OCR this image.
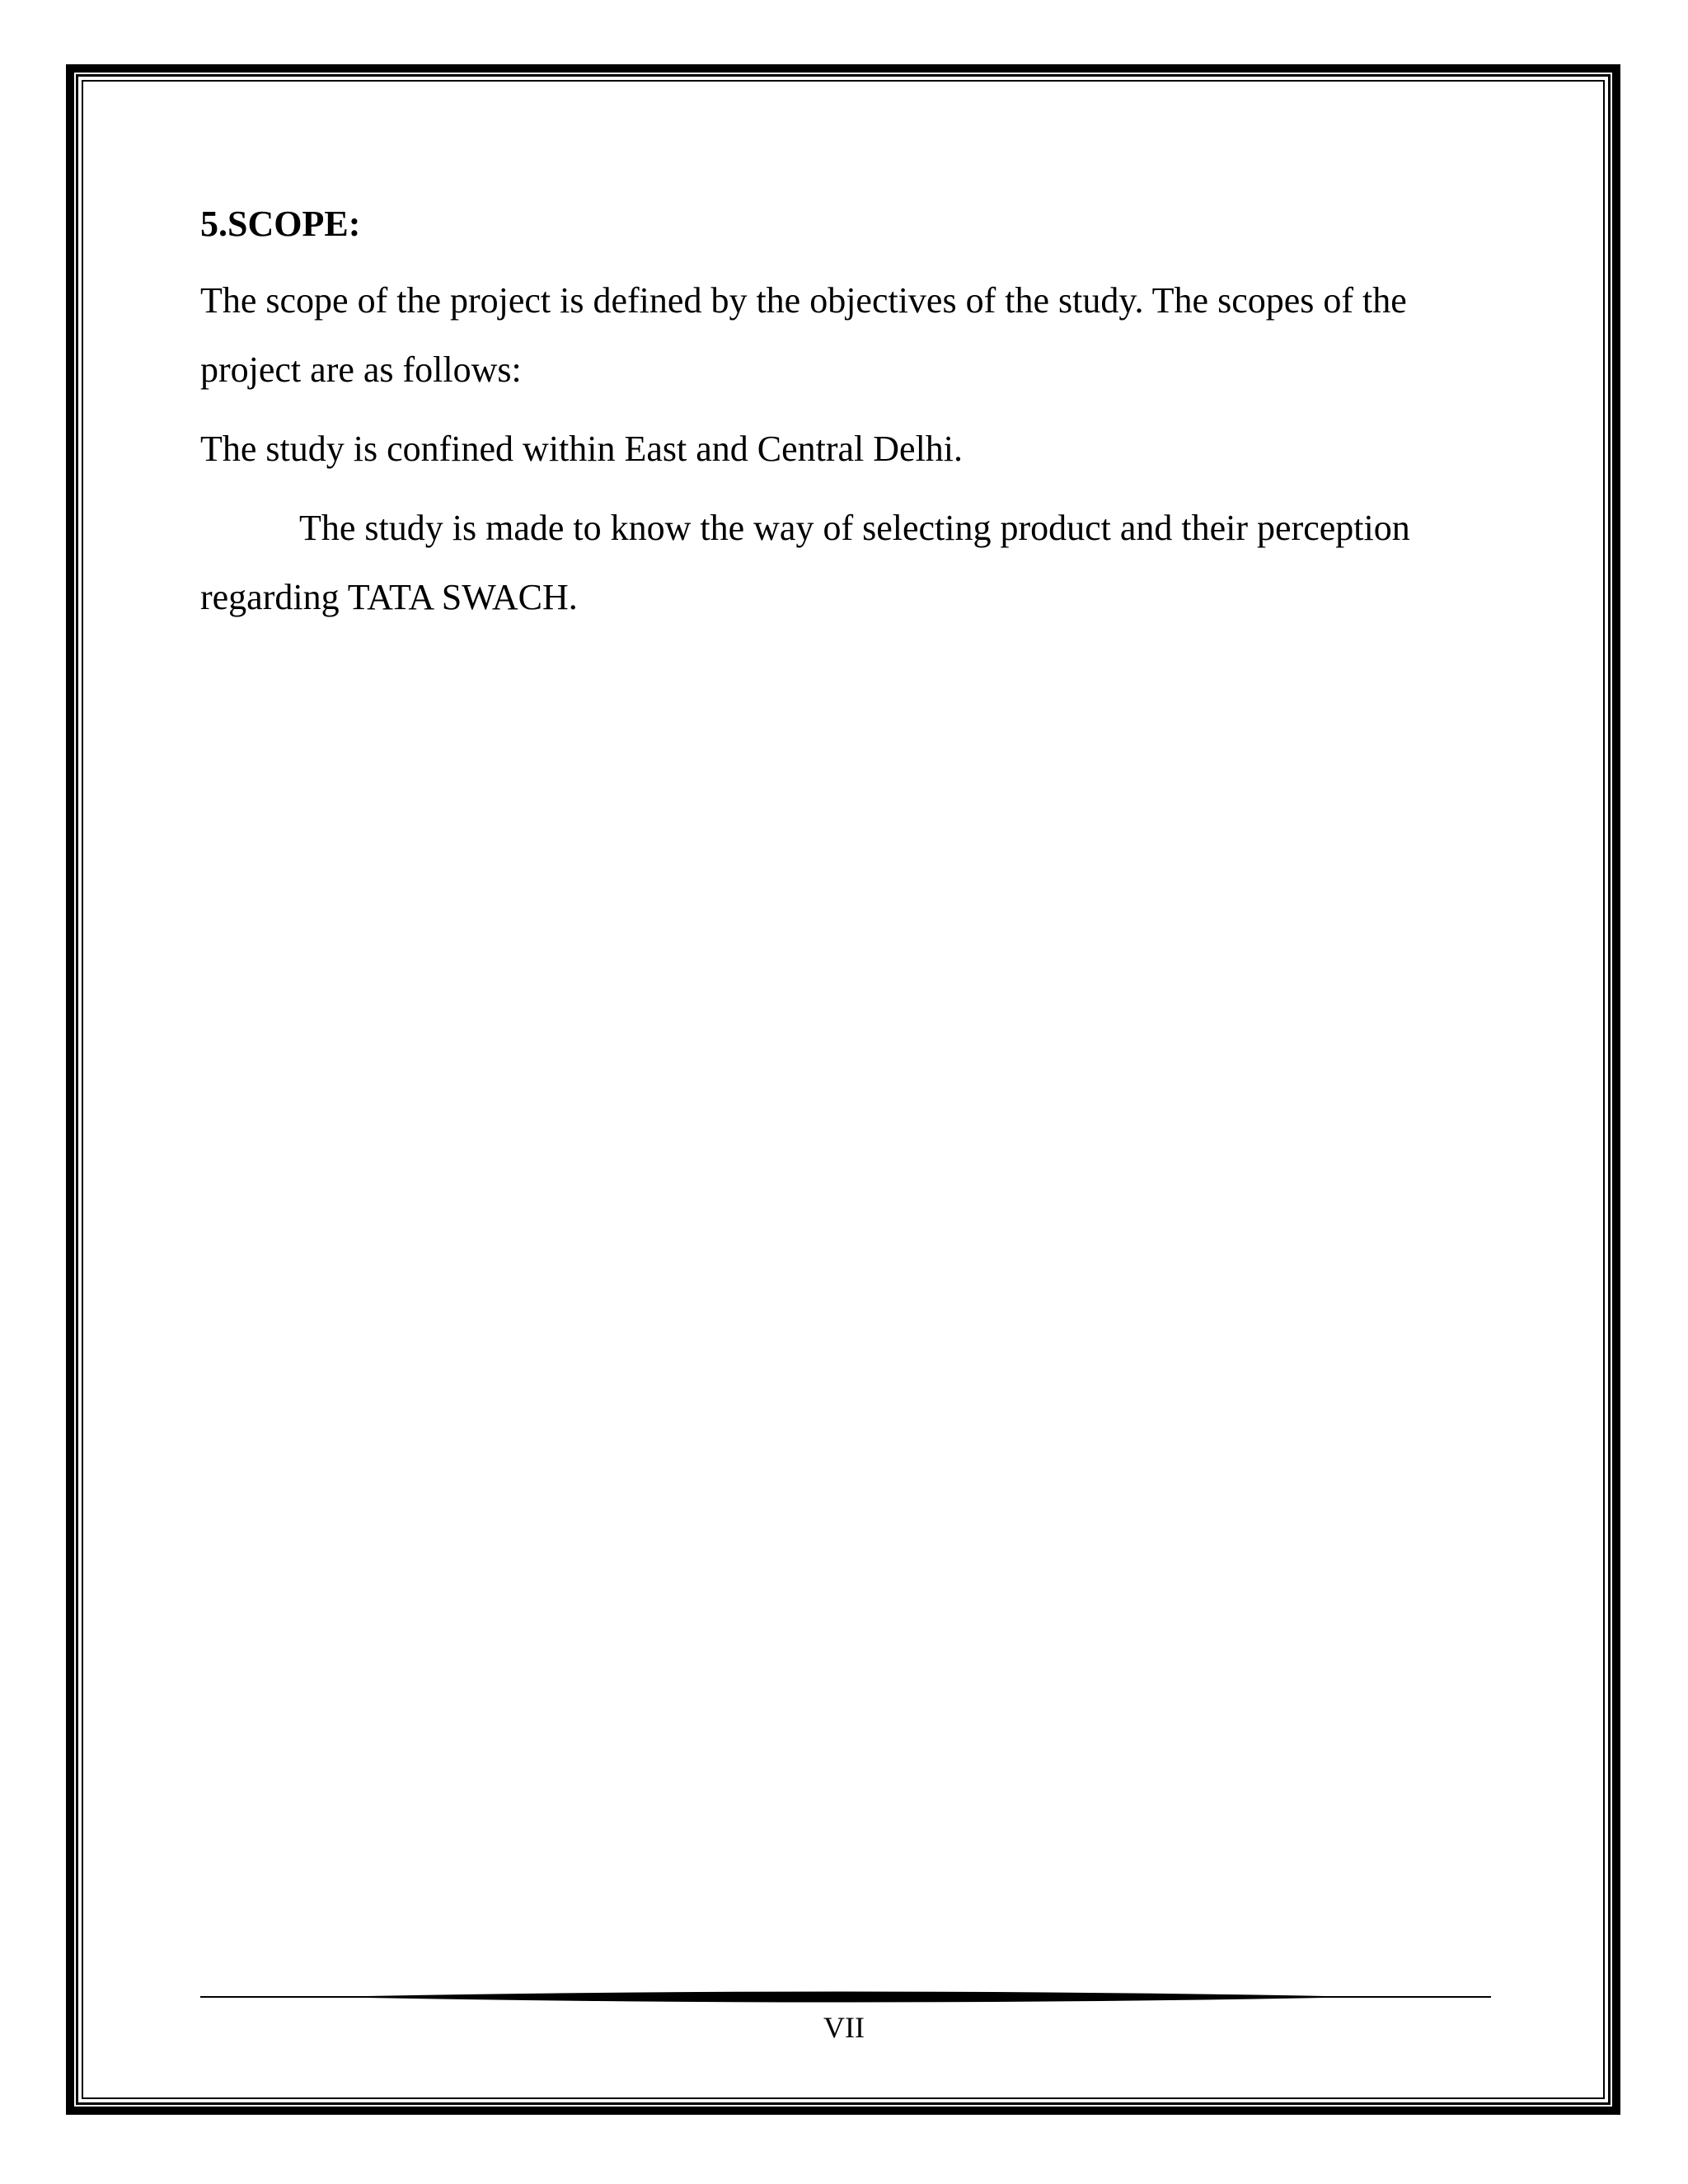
5.SCOPE:

The scope of the project is defined by the objectives of the study. The scopes of the project are as follows:

The study is confined within East and Central Delhi.

The study is made to know the way of selecting product and their perception regarding TATA SWACH.

VII
